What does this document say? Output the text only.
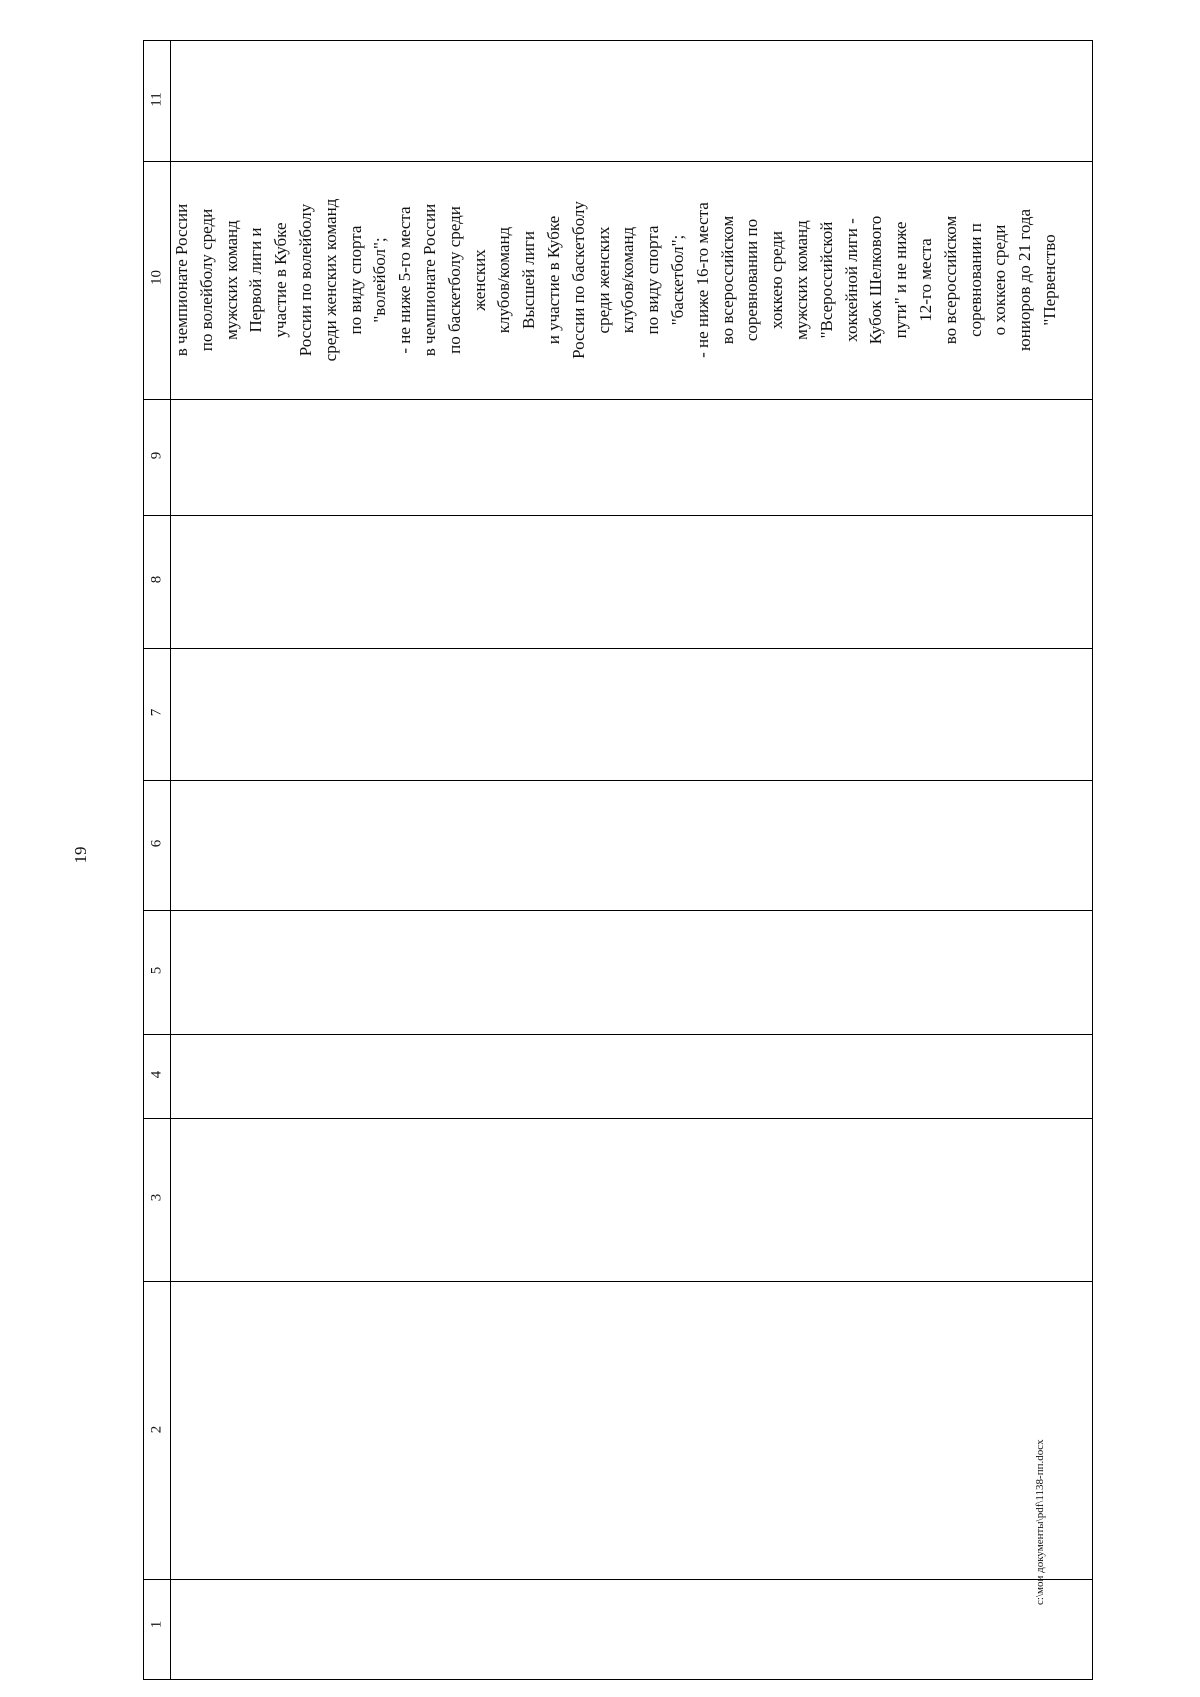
19
11
10
9
8
7
6
5
4
3
2
1
в чемпионате России по волейболу среди мужских команд Первой лиги и участие в Кубке России по волейболу среди женских команд по виду спорта "волейбол"; - не ниже 5-го места в чемпионате России по баскетболу среди женских клубов/команд Высшей лиги и участие в Кубке России по баскетболу среди женских клубов/команд по виду спорта "баскетбол"; - не ниже 16-го места во всероссийском соревновании по хоккею среди мужских команд "Всероссийской хоккейной лиги - Кубок Шелкового пути" и не ниже 12-го места во всероссийском соревновании п о хоккею среди юниоров до 21 года "Первенство
c:\мои документы\pdf\1138-пп.docx
